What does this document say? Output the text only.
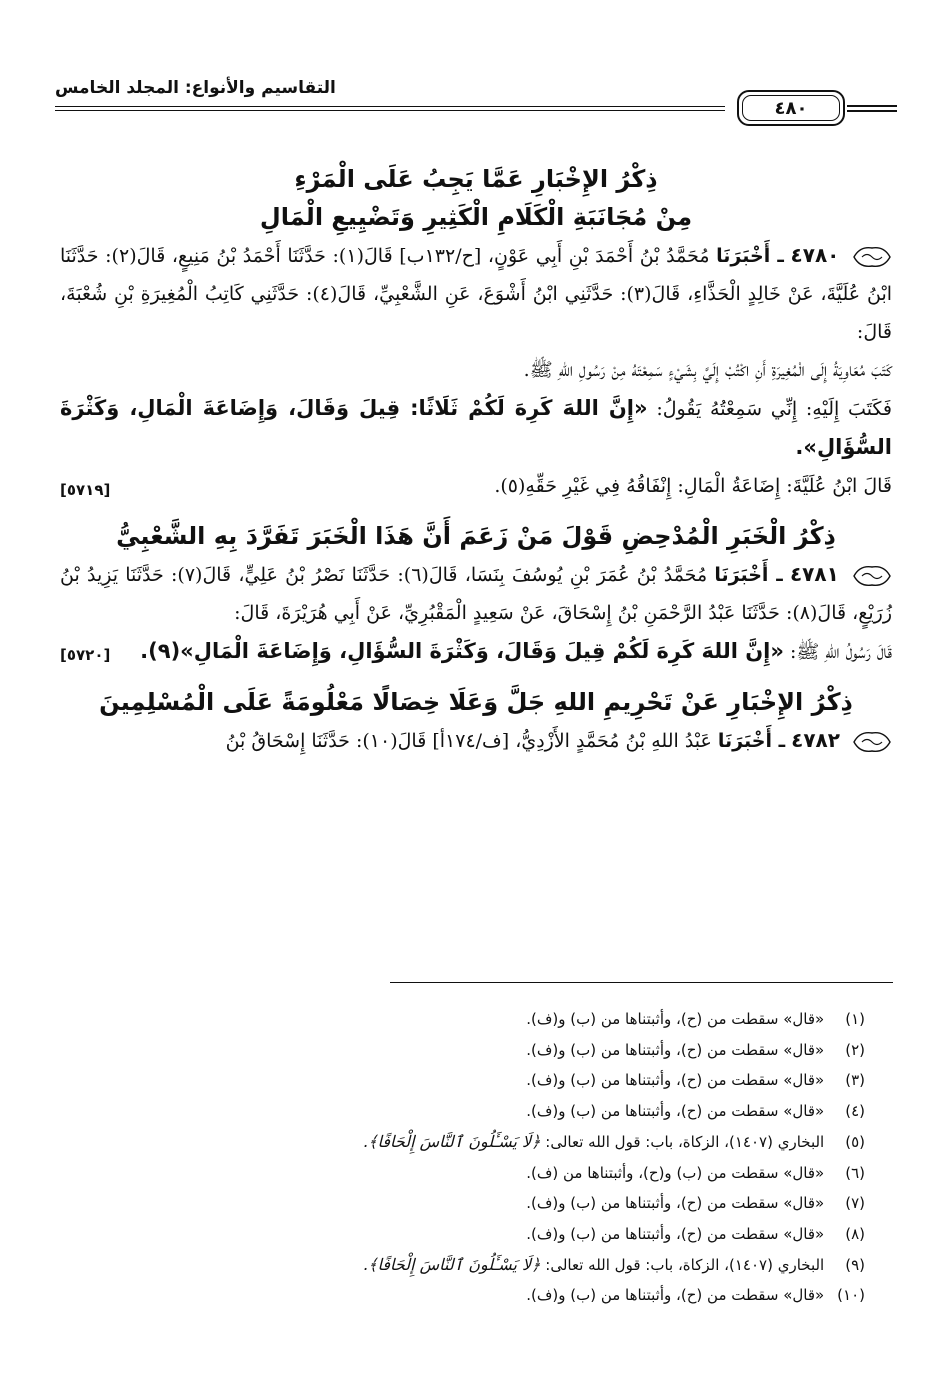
التقاسيم والأنواع: المجلد الخامس
٤٨٠
ذِكْرُ الإِخْبَارِ عَمَّا يَجِبُ عَلَى الْمَرْءِ
مِنْ مُجَانَبَةِ الْكَلَامِ الْكَثِيرِ وَتَضْيِيعِ الْمَالِ

٤٧٨٠ ـ أَخْبَرَنَا مُحَمَّدُ بْنُ أَحْمَدَ بْنِ أَبِي عَوْنٍ، [ح/١٣٢ب] قَالَ(١): حَدَّثَنَا أَحْمَدُ بْنُ مَنِيعٍ، قَالَ(٢): حَدَّثَنَا ابْنُ عُلَيَّةَ، عَنْ خَالِدٍ الْحَذَّاءِ، قَالَ(٣): حَدَّثَنِي ابْنُ أَشْوَعَ، عَنِ الشَّعْبِيِّ، قَالَ(٤): حَدَّثَنِي كَاتِبُ الْمُغِيرَةِ بْنِ شُعْبَةَ، قَالَ:

كَتَبَ مُعَاوِيَةُ إِلَى الْمُغِيرَةِ أَنِ اكْتُبْ إِلَيَّ بِشَيْءٍ سَمِعْتَهُ مِنْ رَسُولِ اللهِ ﷺ.

فَكَتَبَ إِلَيْهِ: إِنِّي سَمِعْتُهُ يَقُولُ: «إِنَّ اللهَ كَرِهَ لَكُمْ ثَلَاثًا: قِيلَ وَقَالَ، وَإِضَاعَةَ الْمَالِ، وَكَثْرَةَ السُّؤَالِ».

[٥٧١٩]	قَالَ ابْنُ عُلَيَّةَ: إِضَاعَةُ الْمَالِ: إِنْفَاقُهُ فِي غَيْرِ حَقِّهِ(٥).

ذِكْرُ الْخَبَرِ الْمُدْحِضِ قَوْلَ مَنْ زَعَمَ أَنَّ هَذَا الْخَبَرَ تَفَرَّدَ بِهِ الشَّعْبِيُّ

٤٧٨١ ـ أَخْبَرَنَا مُحَمَّدُ بْنُ عُمَرَ بْنِ يُوسُفَ بِنَسَا، قَالَ(٦): حَدَّثَنَا نَصْرُ بْنُ عَلِيٍّ، قَالَ(٧): حَدَّثَنَا يَزِيدُ بْنُ زُرَيْعٍ، قَالَ(٨): حَدَّثَنَا عَبْدُ الرَّحْمَنِ بْنُ إِسْحَاقَ، عَنْ سَعِيدٍ الْمَقْبُرِيِّ، عَنْ أَبِي هُرَيْرَةَ، قَالَ:

قَالَ رَسُولُ اللهِ ﷺ: «إِنَّ اللهَ كَرِهَ لَكُمْ قِيلَ وَقَالَ، وَكَثْرَةَ السُّؤَالِ، وَإِضَاعَةَ الْمَالِ»(٩).
[٥٧٢٠]

ذِكْرُ الإِخْبَارِ عَنْ تَحْرِيمِ اللهِ جَلَّ وَعَلَا خِصَالًا مَعْلُومَةً عَلَى الْمُسْلِمِينَ

٤٧٨٢ ـ أَخْبَرَنَا عَبْدُ اللهِ بْنُ مُحَمَّدٍ الأَزْدِيُّ، [ف/١٧٤أ] قَالَ(١٠): حَدَّثَنَا إِسْحَاقُ بْنُ

(١) «قال» سقطت من (ح)، وأثبتناها من (ب) و(ف).

(٢) «قال» سقطت من (ح)، وأثبتناها من (ب) و(ف).

(٣) «قال» سقطت من (ح)، وأثبتناها من (ب) و(ف).

(٤) «قال» سقطت من (ح)، وأثبتناها من (ب) و(ف).

(٥) البخاري (١٤٠٧)، الزكاة، باب: قول الله تعالى: ﴿لَا يَسْـَٔلُونَ ٱلنَّاسَ إِلْحَافًا﴾.

(٦) «قال» سقطت من (ب) و(ح)، وأثبتناها من (ف).

(٧) «قال» سقطت من (ح)، وأثبتناها من (ب) و(ف).

(٨) «قال» سقطت من (ح)، وأثبتناها من (ب) و(ف).

(٩) البخاري (١٤٠٧)، الزكاة، باب: قول الله تعالى: ﴿لَا يَسْـَٔلُونَ ٱلنَّاسَ إِلْحَافًا﴾.

(١٠) «قال» سقطت من (ح)، وأثبتناها من (ب) و(ف).
